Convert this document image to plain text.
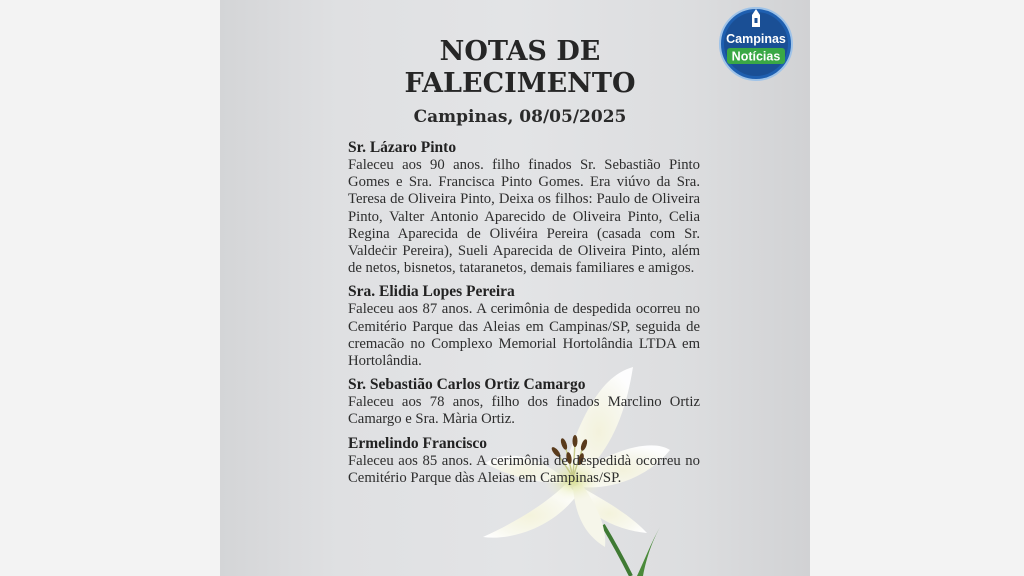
Campinas
Notícias
NOTAS DE
FALECIMENTO
Campinas, 08/05/2025
Sr. Lázaro Pinto
Faleceu aos 90 anos. filho finados Sr. Sebastião Pinto Gomes e Sra. Francisca Pinto Gomes. Era viúvo da Sra. Teresa de Oliveira Pinto, Deixa os filhos: Paulo de Oliveira Pinto, Valter Antonio Aparecido de Oliveira Pinto, Celia Regina Aparecida de Olivéira Pereira (casada com Sr. Valdeċir Pereira), Sueli Aparecida de Oliveira Pinto, além de netos, bisnetos, tataranetos, demais familiares e amigos.
Sra. Elidia Lopes Pereira
Faleceu aos 87 anos. A cerimônia de despedida ocorreu no Cemitério Parque das Aleias em Campinas/SP, seguida de cremacão no Complexo Memorial Hortolândia LTDA em Hortolândia.
Sr. Sebastião Carlos Ortiz Camargo
Faleceu aos 78 anos, filho dos finados Marclino Ortiz Camargo e Sra. Mària Ortiz.
Ermelindo Francisco
Faleceu aos 85 anos. A cerimônia de despedidà ocorreu no Cemitério Parque dàs Aleias em Campinas/SP.
